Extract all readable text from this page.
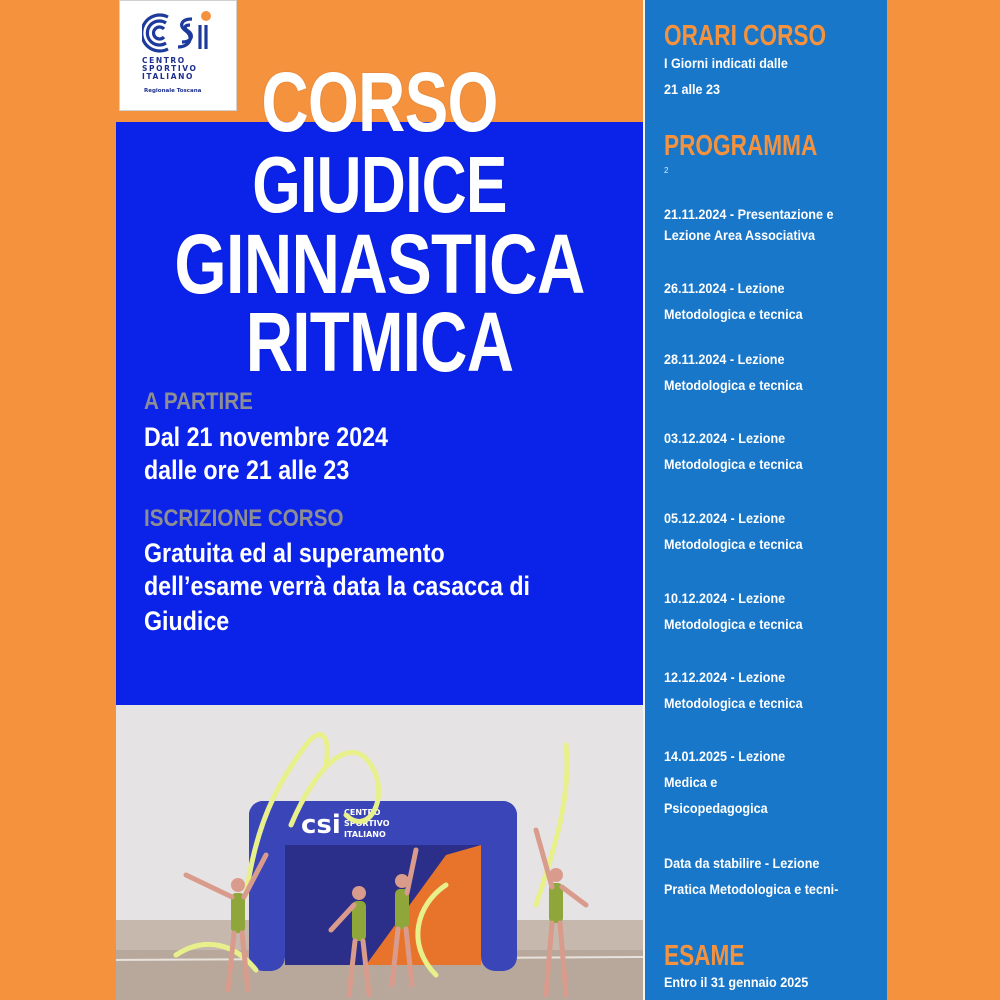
CENTRO
SPORTIVO
ITALIANO
Regionale Toscana CORSO
GIUDICE
GINNASTICA
RITMICA
A PARTIRE
Dal 21 novembre 2024
dalle ore 21 alle 23
ISCRIZIONE CORSO
Gratuita ed al superamento
dell’esame verrà data la casacca di
Giudice
csi CENTRO
SPORTIVO
ITALIANO
ORARI CORSO
I Giorni indicati dalle
21 alle 23
PROGRAMMA
2
21.11.2024 - Presentazione e
Lezione Area Associativa
26.11.2024 - Lezione
Metodologica e tecnica
28.11.2024 - Lezione
Metodologica e tecnica
03.12.2024 - Lezione
Metodologica e tecnica
05.12.2024 - Lezione
Metodologica e tecnica
10.12.2024 - Lezione
Metodologica e tecnica
12.12.2024 - Lezione
Metodologica e tecnica
14.01.2025 - Lezione
Medica e
Psicopedagogica
Data da stabilire - Lezione
Pratica Metodologica e tecni-
ESAME
Entro il 31 gennaio 2025
